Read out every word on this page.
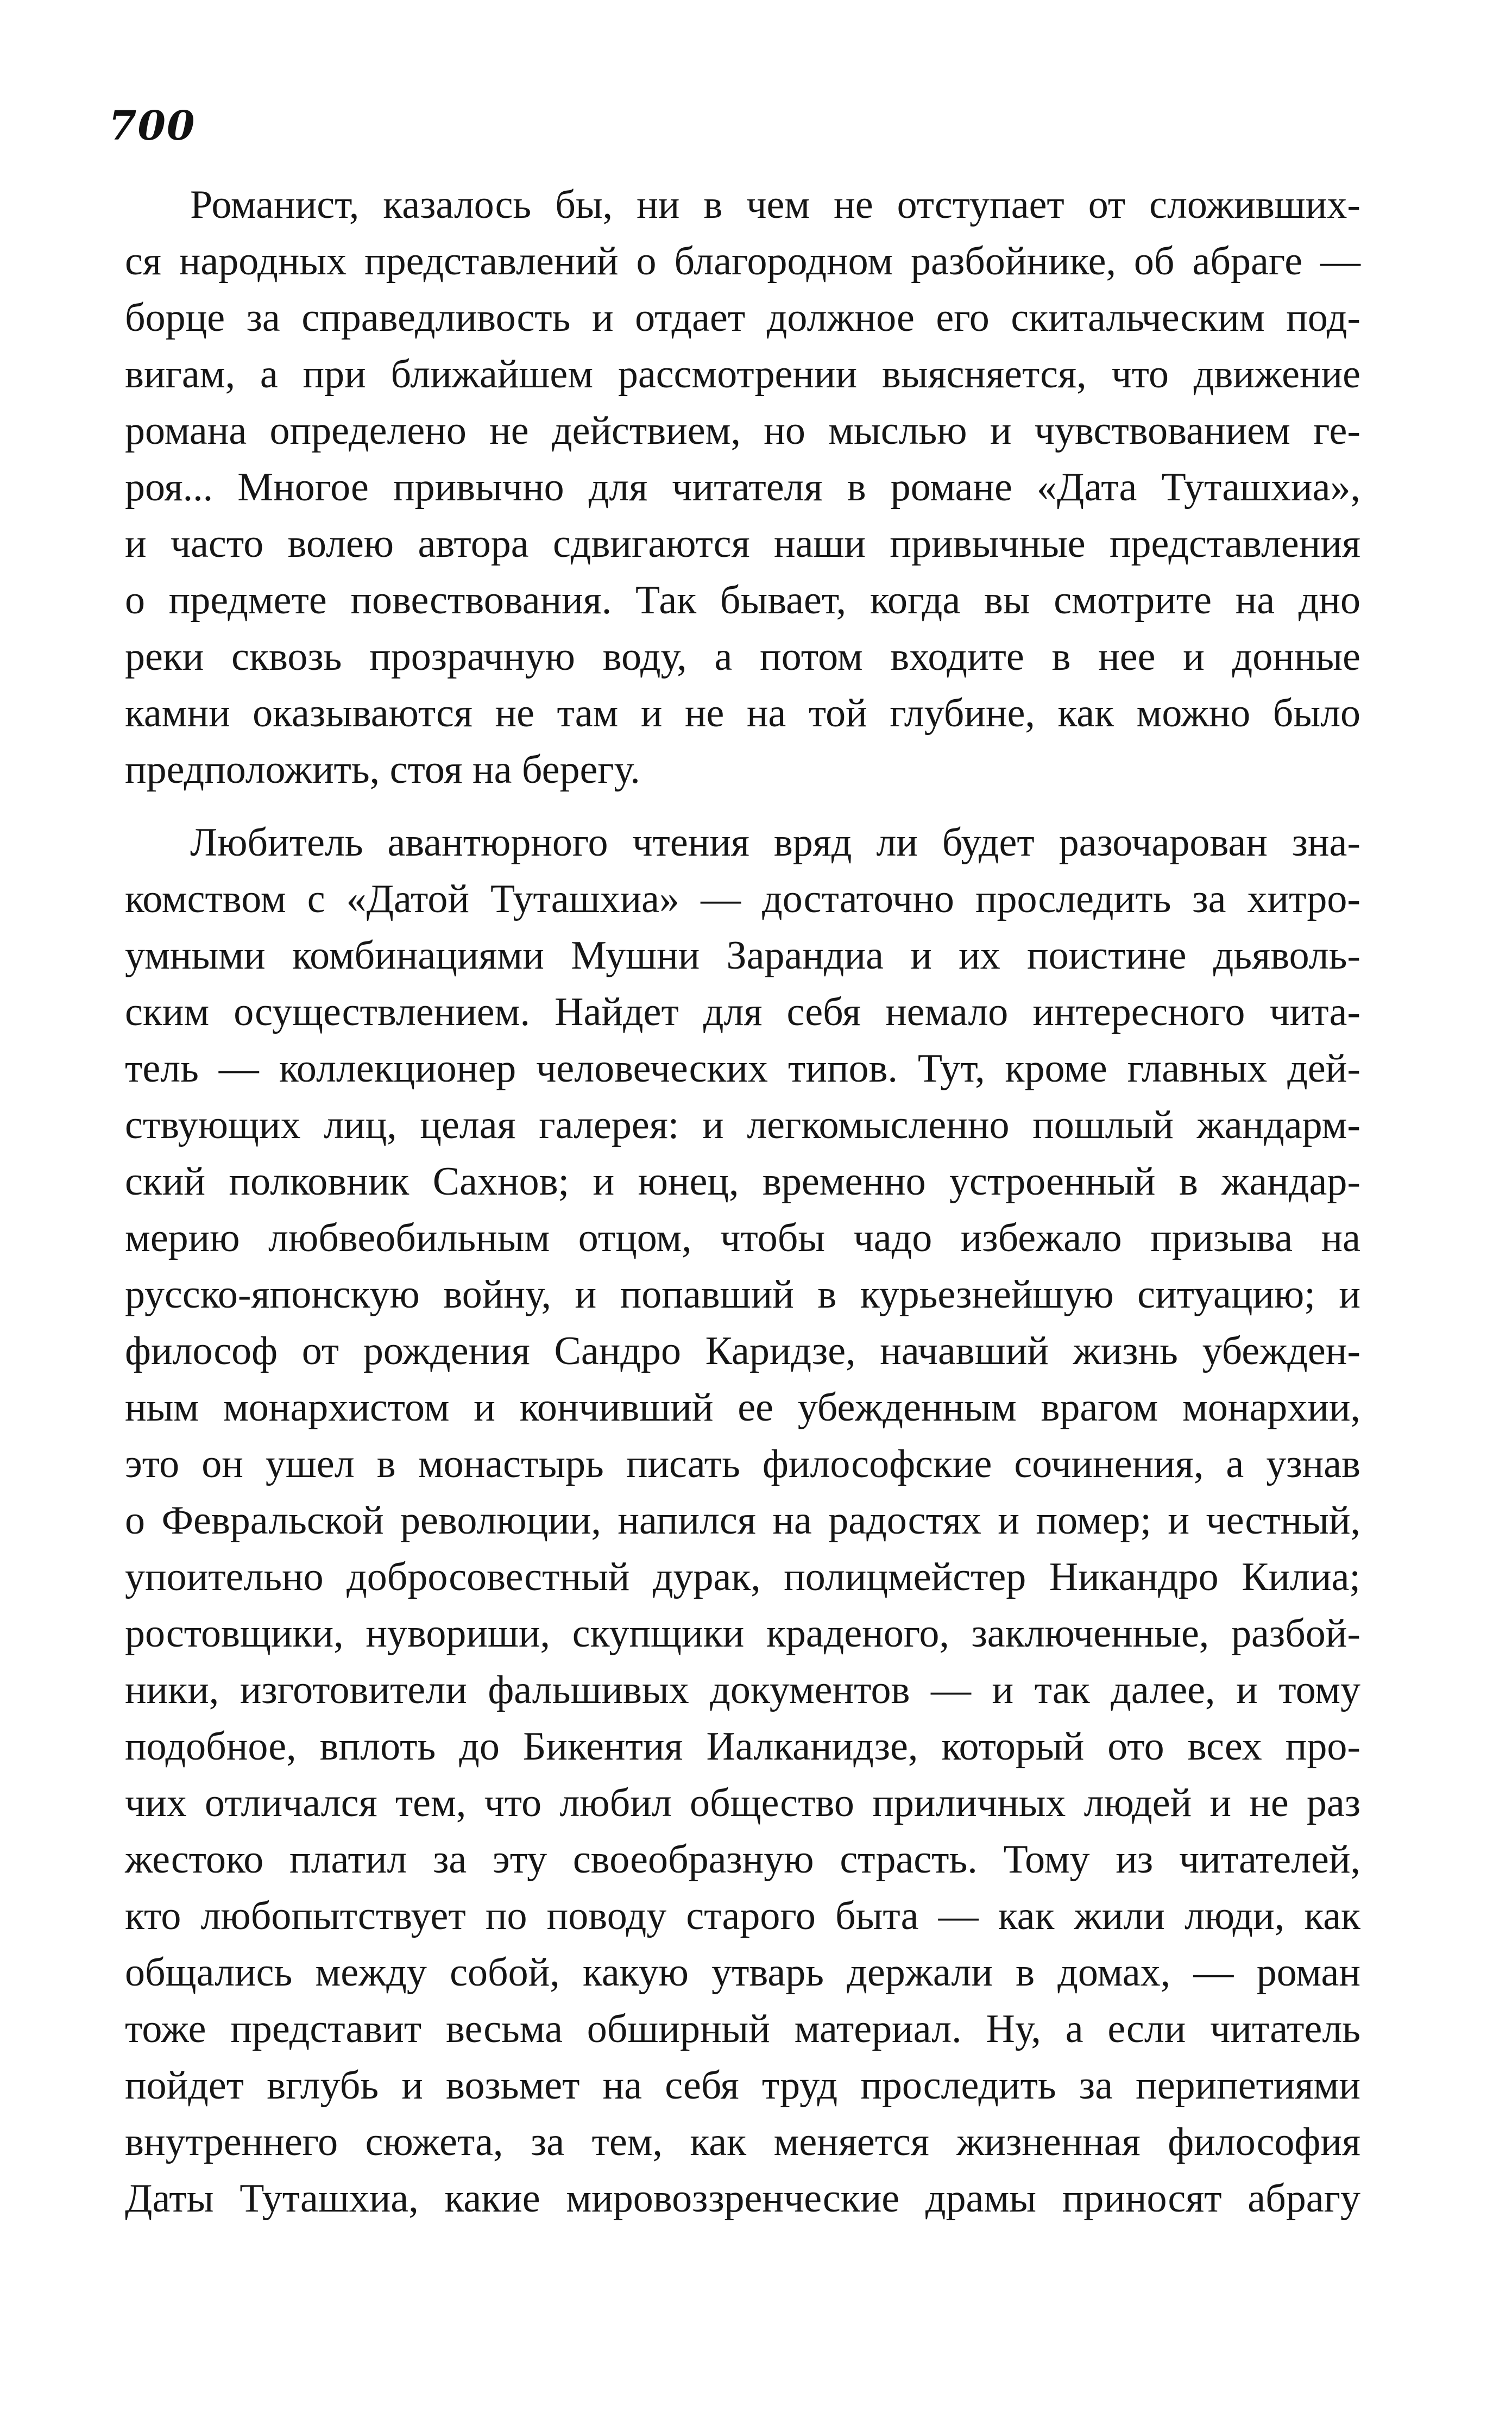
700
Романист, казалось бы, ни в чем не отступает от сложивших-
ся народных представлений о благородном разбойнике, об абраге —
борце за справедливость и отдает должное его скитальческим под-
вигам, а при ближайшем рассмотрении выясняется, что движение
романа определено не действием, но мыслью и чувствованием ге-
роя... Многое привычно для читателя в романе «Дата Туташхиа»,
и часто волею автора сдвигаются наши привычные представления
о предмете повествования. Так бывает, когда вы смотрите на дно
реки сквозь прозрачную воду, а потом входите в нее и донные
камни оказываются не там и не на той глубине, как можно было
предположить, стоя на берегу.
Любитель авантюрного чтения вряд ли будет разочарован зна-
комством с «Датой Туташхиа» — достаточно проследить за хитро-
умными комбинациями Мушни Зарандиа и их поистине дьяволь-
ским осуществлением. Найдет для себя немало интересного чита-
тель — коллекционер человеческих типов. Тут, кроме главных дей-
ствующих лиц, целая галерея: и легкомысленно пошлый жандарм-
ский полковник Сахнов; и юнец, временно устроенный в жандар-
мерию любвеобильным отцом, чтобы чадо избежало призыва на
русско-японскую войну, и попавший в курьезнейшую ситуацию; и
философ от рождения Сандро Каридзе, начавший жизнь убежден-
ным монархистом и кончивший ее убежденным врагом монархии,
это он ушел в монастырь писать философские сочинения, а узнав
о Февральской революции, напился на радостях и помер; и честный,
упоительно добросовестный дурак, полицмейстер Никандро Килиа;
ростовщики, нувориши, скупщики краденого, заключенные, разбой-
ники, изготовители фальшивых документов — и так далее, и тому
подобное, вплоть до Бикентия Иалканидзе, который ото всех про-
чих отличался тем, что любил общество приличных людей и не раз
жестоко платил за эту своеобразную страсть. Тому из читателей,
кто любопытствует по поводу старого быта — как жили люди, как
общались между собой, какую утварь держали в домах, — роман
тоже представит весьма обширный материал. Ну, а если читатель
пойдет вглубь и возьмет на себя труд проследить за перипетиями
внутреннего сюжета, за тем, как меняется жизненная философия
Даты Туташхиа, какие мировоззренческие драмы приносят абрагу
